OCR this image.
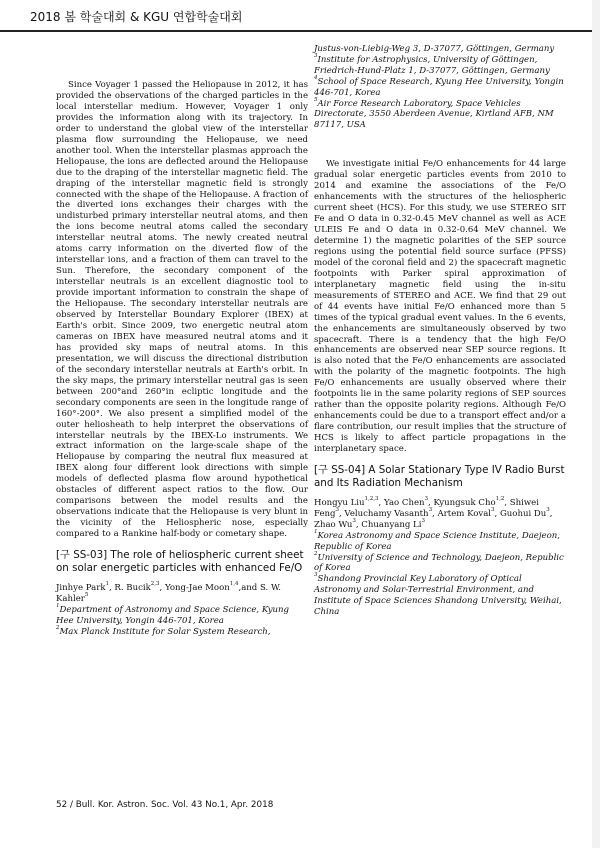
2018 봄 학술대회 & KGU 연합학술대회

Since Voyager 1 passed the Heliopause in 2012, it has provided the observations of the charged particles in the local interstellar medium. However, Voyager 1 only provides the information along with its trajectory. In order to understand the global view of the interstellar plasma flow surrounding the Heliopause, we need another tool. When the interstellar plasmas approach the Heliopause, the ions are deflected around the Heliopause due to the draping of the interstellar magnetic field. The draping of the interstellar magnetic field is strongly connected with the shape of the Heliopause. A fraction of the diverted ions exchanges their charges with the undisturbed primary interstellar neutral atoms, and then the ions become neutral atoms called the secondary interstellar neutral atoms. The newly created neutral atoms carry information on the diverted flow of the interstellar ions, and a fraction of them can travel to the Sun. Therefore, the secondary component of the interstellar neutrals is an excellent diagnostic tool to provide important information to constrain the shape of the Heliopause. The secondary interstellar neutrals are observed by Interstellar Boundary Explorer (IBEX) at Earth's orbit. Since 2009, two energetic neutral atom cameras on IBEX have measured neutral atoms and it has provided sky maps of neutral atoms. In this presentation, we will discuss the directional distribution of the secondary interstellar neutrals at Earth's orbit. In the sky maps, the primary interstellar neutral gas is seen between 200°and 260°in ecliptic longitude and the secondary components are seen in the longitude range of 160°-200°. We also present a simplified model of the outer heliosheath to help interpret the observations of interstellar neutrals by the IBEX-Lo instruments. We extract information on the large-scale shape of the Heliopause by comparing the neutral flux measured at IBEX along four different look directions with simple models of deflected plasma flow around hypothetical obstacles of different aspect ratios to the flow. Our comparisons between the model results and the observations indicate that the Heliopause is very blunt in the vicinity of the Heliospheric nose, especially compared to a Rankine half-body or cometary shape.

[구 SS-03] The role of heliospheric current sheet on solar energetic particles with enhanced Fe/O

Jinhye Park$^1$, R. Bucik$^{2,3}$, Yong-Jae Moon$^{1,4}$,and S. W. Kahler$^5$

$^1$Department of Astronomy and Space Science, Kyung Hee University, Yongin 446-701, Korea

$^2$Max Planck Institute for Solar System Research,

Justus-von-Liebig-Weg 3, D-37077, Göttingen, Germany

$^3$Institute for Astrophysics, University of Göttingen, Friedrich-Hund-Platz 1, D-37077, Göttingen, Germany

$^4$School of Space Research, Kyung Hee University, Yongin 446-701, Korea

$^5$Air Force Research Laboratory, Space Vehicles Directorate, 3550 Aberdeen Avenue, Kirtland AFB, NM 87117, USA

We investigate initial Fe/O enhancements for 44 large gradual solar energetic particles events from 2010 to 2014 and examine the associations of the Fe/O enhancements with the structures of the heliospheric current sheet (HCS). For this study, we use STEREO SIT Fe and O data in 0.32-0.45 MeV channel as well as ACE ULEIS Fe and O data in 0.32-0.64 MeV channel. We determine 1) the magnetic polarities of the SEP source regions using the potential field source surface (PFSS) model of the coronal field and 2) the spacecraft magnetic footpoints with Parker spiral approximation of interplanetary magnetic field using the in-situ measurements of STEREO and ACE. We find that 29 out of 44 events have initial Fe/O enhanced more than 5 times of the typical gradual event values. In the 6 events, the enhancements are simultaneously observed by two spacecraft. There is a tendency that the high Fe/O enhancements are observed near SEP source regions. It is also noted that the Fe/O enhancements are associated with the polarity of the magnetic footpoints. The high Fe/O enhancements are usually observed where their footpoints lie in the same polarity regions of SEP sources rather than the opposite polarity regions. Although Fe/O enhancements could be due to a transport effect and/or a flare contribution, our result implies that the structure of HCS is likely to affect particle propagations in the interplanetary space.

[구 SS-04] A Solar Stationary Type IV Radio Burst and Its Radiation Mechanism

Hongyu Liu$^{1,2,3}$, Yao Chen$^3$, Kyungsuk Cho$^{1,2}$, Shiwei Feng$^3$, Veluchamy Vasanth$^3$, Artem Koval$^3$, Guohui Du$^3$, Zhao Wu$^3$, Chuanyang Li$^3$

$^1$Korea Astronomy and Space Science Institute, Daejeon, Republic of Korea

$^2$University of Science and Technology, Daejeon, Republic of Korea

$^3$Shandong Provincial Key Laboratory of Optical Astronomy and Solar-Terrestrial Environment, and Institute of Space Sciences Shandong University, Weihai, China

52 / Bull. Kor. Astron. Soc. Vol. 43 No.1, Apr. 2018
